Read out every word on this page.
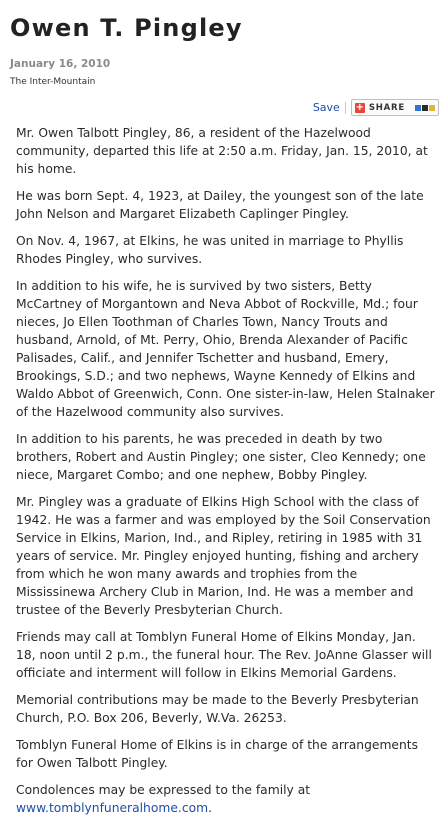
Owen T. Pingley
January 16, 2010
The Inter-Mountain
Save + SHARE

Mr. Owen Talbott Pingley, 86, a resident of the Hazelwood community, departed this life at 2:50 a.m. Friday, Jan. 15, 2010, at his home.

He was born Sept. 4, 1923, at Dailey, the youngest son of the late John Nelson and Margaret Elizabeth Caplinger Pingley.

On Nov. 4, 1967, at Elkins, he was united in marriage to Phyllis Rhodes Pingley, who survives.

In addition to his wife, he is survived by two sisters, Betty McCartney of Morgantown and Neva Abbot of Rockville, Md.; four nieces, Jo Ellen Toothman of Charles Town, Nancy Trouts and husband, Arnold, of Mt. Perry, Ohio, Brenda Alexander of Pacific Palisades, Calif., and Jennifer Tschetter and husband, Emery, Brookings, S.D.; and two nephews, Wayne Kennedy of Elkins and Waldo Abbot of Greenwich, Conn. One sister-in-law, Helen Stalnaker of the Hazelwood community also survives.

In addition to his parents, he was preceded in death by two brothers, Robert and Austin Pingley; one sister, Cleo Kennedy; one niece, Margaret Combo; and one nephew, Bobby Pingley.

Mr. Pingley was a graduate of Elkins High School with the class of 1942. He was a farmer and was employed by the Soil Conservation Service in Elkins, Marion, Ind., and Ripley, retiring in 1985 with 31 years of service. Mr. Pingley enjoyed hunting, fishing and archery from which he won many awards and trophies from the Mississinewa Archery Club in Marion, Ind. He was a member and trustee of the Beverly Presbyterian Church.

Friends may call at Tomblyn Funeral Home of Elkins Monday, Jan. 18, noon until 2 p.m., the funeral hour. The Rev. JoAnne Glasser will officiate and interment will follow in Elkins Memorial Gardens.

Memorial contributions may be made to the Beverly Presbyterian Church, P.O. Box 206, Beverly, W.Va. 26253.

Tomblyn Funeral Home of Elkins is in charge of the arrangements for Owen Talbott Pingley.

Condolences may be expressed to the family at
www.tomblynfuneralhome.com.
